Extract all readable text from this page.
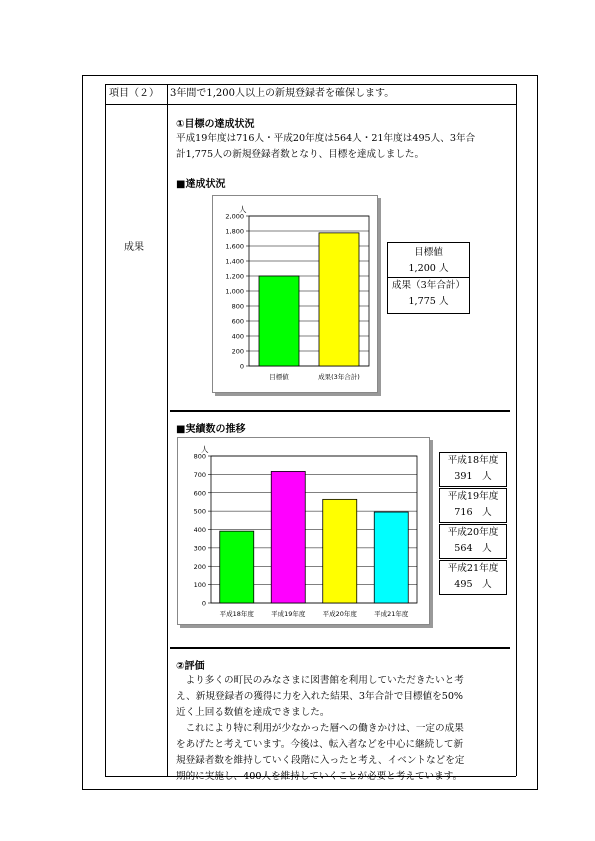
項目（２） 3年間で1,200人以上の新規登録者を確保します。
成果
①目標の達成状況
平成19年度は716人・平成20年度は564人・21年度は495人、3年合
計1,775人の新規登録者数となり、目標を達成しました。
■達成状況
0
200
400
600
800
1,000
1,200
1,400
1,600
1,800
2,000
人
目標値	成果(3年合計)
目標値
1,200 人
成果（3年合計）
1,775 人
■実績数の推移
0
100
200
300
400
500
600
700
800
人
平成18年度	平成19年度	平成20年度	平成21年度
平成18年度
391　人
平成19年度
716　人
平成20年度
564　人
平成21年度
495　人
②評価
　より多くの町民のみなさまに図書館を利用していただきたいと考
え、新規登録者の獲得に力を入れた結果、3年合計で目標値を50%
近く上回る数値を達成できました。
　これにより特に利用が少なかった層への働きかけは、一定の成果
をあげたと考えています。今後は、転入者などを中心に継続して新
規登録者数を維持していく段階に入ったと考え、イベントなどを定
期的に実施し、400人を維持していくことが必要と考えています。
